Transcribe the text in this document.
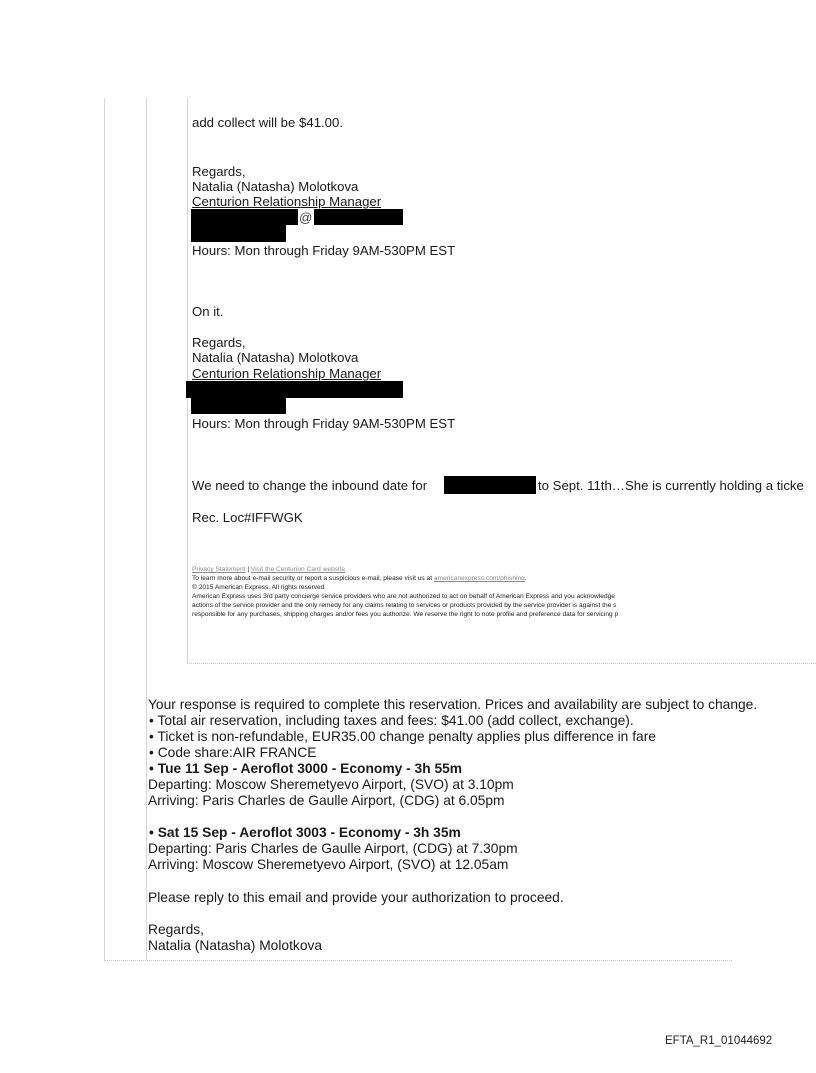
add collect will be $41.00.
Regards,
Natalia (Natasha) Molotkova
Centurion Relationship Manager
@
Hours: Mon through Friday 9AM-530PM EST
On it.
Regards,
Natalia (Natasha) Molotkova
Centurion Relationship Manager
Hours: Mon through Friday 9AM-530PM EST
We need to change the inbound date for	to Sept. 11th…She is currently holding a ticke
Rec. Loc#IFFWGK
Privacy Statement | Visit the Centurion Card website
To learn more about e-mail security or report a suspicious e-mail, please visit us at americanexpress.com/phishing.
© 2015 American Express. All rights reserved
American Express uses 3rd party concierge service providers who are not authorized to act on behalf of American Express and you acknowledge
actions of the service provider and the only remedy for any claims relating to services or products provided by the service provider is against the s
responsible for any purchases, shipping charges and/or fees you authorize. We reserve the right to note profile and preference data for servicing p
Your response is required to complete this reservation. Prices and availability are subject to change.
• Total air reservation, including taxes and fees: $41.00 (add collect, exchange).
• Ticket is non-refundable, EUR35.00 change penalty applies plus difference in fare
• Code share:AIR FRANCE
• Tue 11 Sep - Aeroflot 3000 - Economy - 3h 55m
Departing: Moscow Sheremetyevo Airport, (SVO) at 3.10pm
Arriving: Paris Charles de Gaulle Airport, (CDG) at 6.05pm
• Sat 15 Sep - Aeroflot 3003 - Economy - 3h 35m
Departing: Paris Charles de Gaulle Airport, (CDG) at 7.30pm
Arriving: Moscow Sheremetyevo Airport, (SVO) at 12.05am
Please reply to this email and provide your authorization to proceed.
Regards,
Natalia (Natasha) Molotkova
EFTA_R1_01044692
